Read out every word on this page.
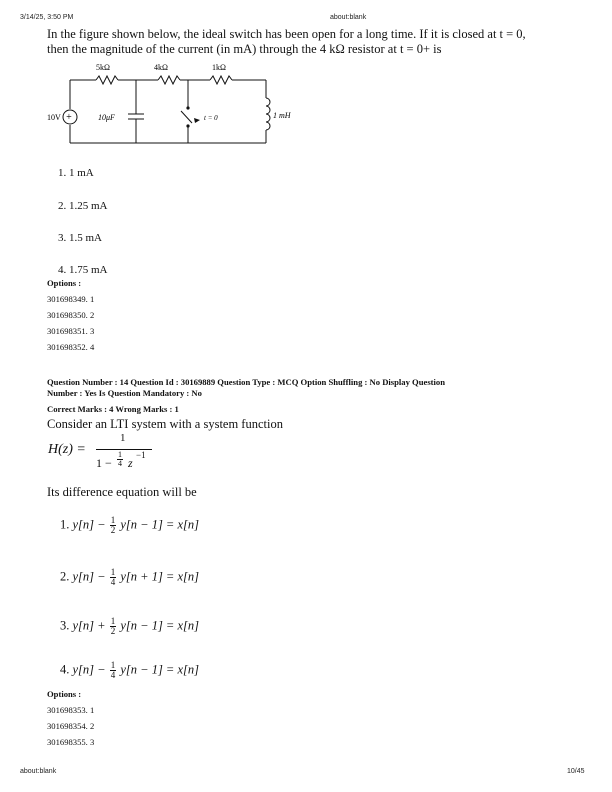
3/14/25, 3:50 PM	about:blank
In the figure shown below, the ideal switch has been open for a long time. If it is closed at t = 0,
then the magnitude of the current (in mA) through the 4 kΩ resistor at t = 0+ is
+
5kΩ	4kΩ	1kΩ
10V	10μF	t = 0	1 mH
1. 1 mA
2. 1.25 mA
3. 1.5 mA
4. 1.75 mA
Options :
301698349. 1
301698350. 2
301698351. 3
301698352. 4
Question Number : 14 Question Id : 30169889 Question Type : MCQ Option Shuffling : No Display Question
Number : Yes Is Question Mandatory : No
Correct Marks : 4 Wrong Marks : 1
Consider an LTI system with a system function
H(z) =
1
1 −
1
4 z
−1
Its difference equation will be
1. $y[n] - \frac{1}{2} y[n - 1] = x[n]$
2. $y[n] - \frac{1}{4} y[n + 1] = x[n]$
3. $y[n] + \frac{1}{2} y[n - 1] = x[n]$
4. $y[n] - \frac{1}{4} y[n - 1] = x[n]$
Options :
301698353. 1
301698354. 2
301698355. 3
about:blank	10/45
